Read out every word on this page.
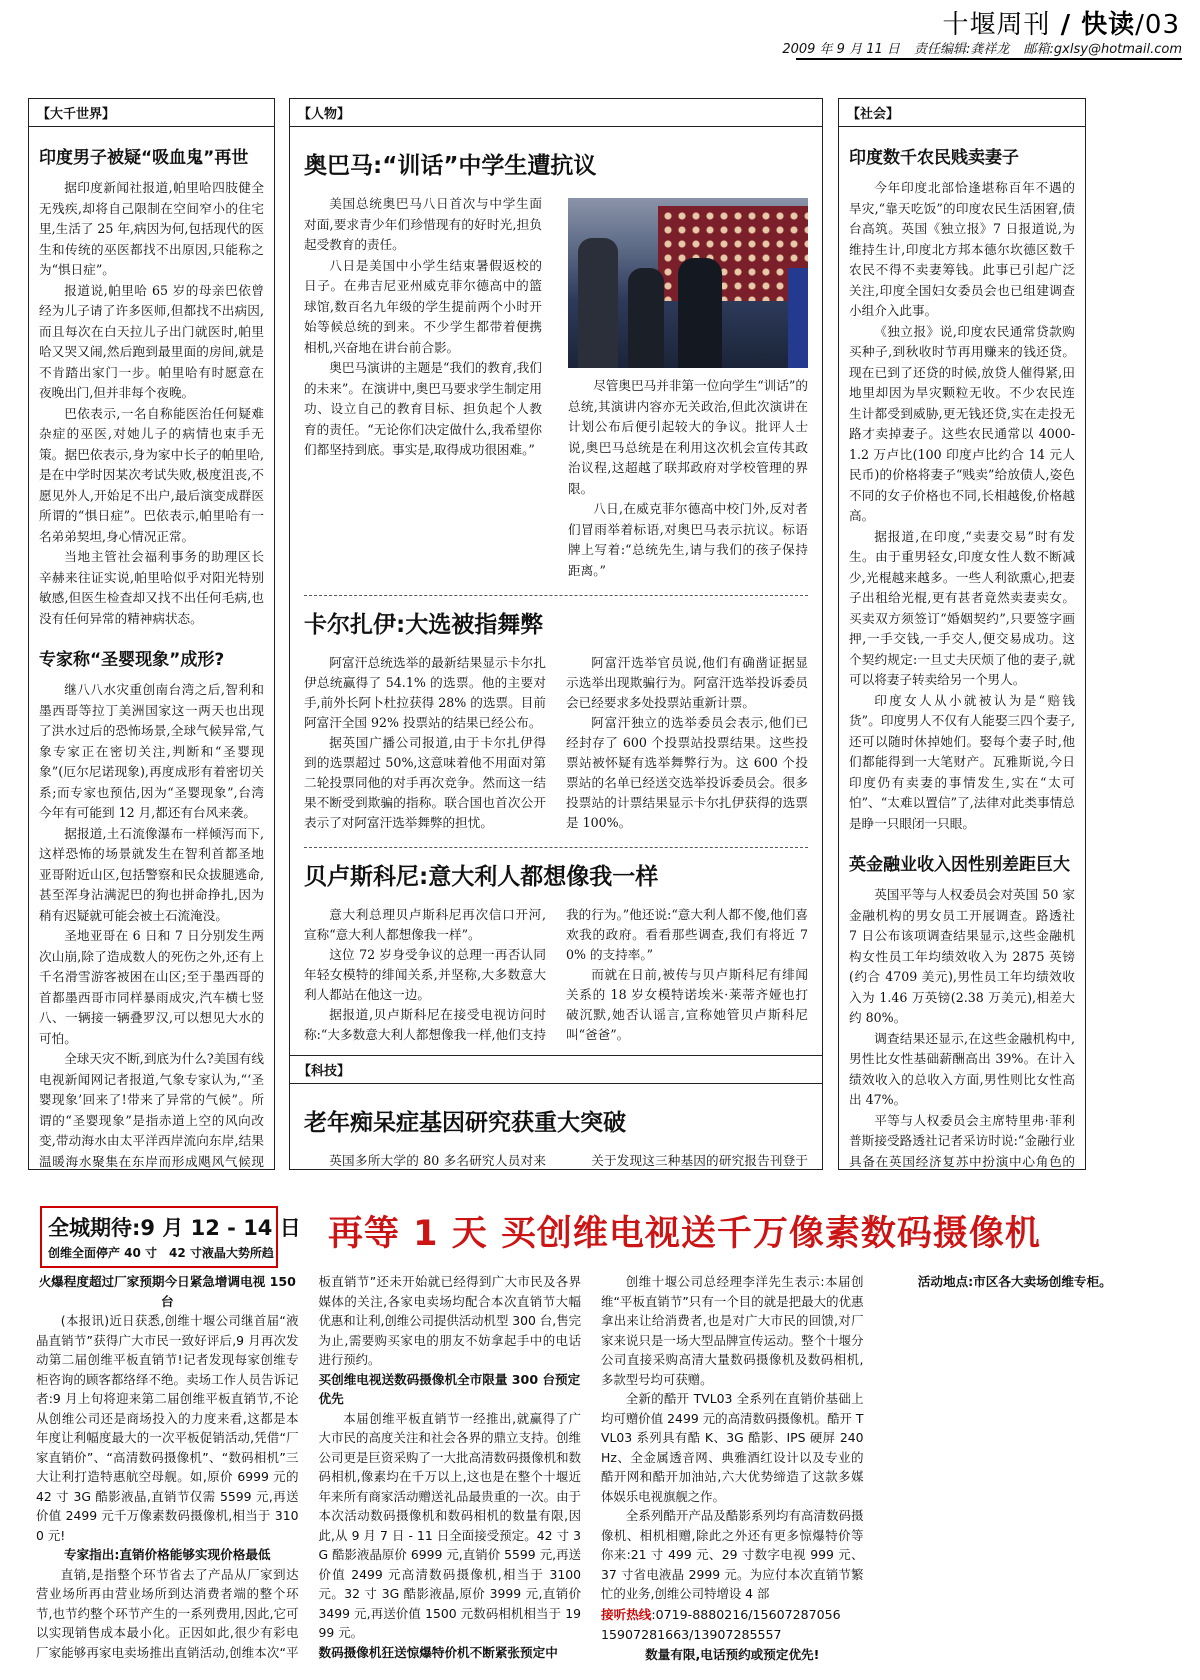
十堰周刊 / 快读/03
2009 年 9 月 11 日 责任编辑:龚祥龙 邮箱:gxlsy@hotmail.com
【大千世界】
印度男子被疑“吸血鬼”再世

据印度新闻社报道,帕里哈四肢健全无残疾,却将自己限制在空间窄小的住宅里,生活了 25 年,病因为何,包括现代的医生和传统的巫医都找不出原因,只能称之为“惧日症”。

报道说,帕里哈 65 岁的母亲巴依曾经为儿子请了许多医师,但都找不出病因,而且每次在白天拉儿子出门就医时,帕里哈又哭又闹,然后跑到最里面的房间,就是不肯踏出家门一步。帕里哈有时愿意在夜晚出门,但并非每个夜晚。

巴依表示,一名自称能医治任何疑难杂症的巫医,对她儿子的病情也束手无策。据巴依表示,身为家中长子的帕里哈,是在中学时因某次考试失败,极度沮丧,不愿见外人,开始足不出户,最后演变成群医所谓的“惧日症”。巴依表示,帕里哈有一名弟弟契坦,身心情况正常。

当地主管社会福利事务的助理区长辛赫来往证实说,帕里哈似乎对阳光特别敏感,但医生检查却又找不出任何毛病,也没有任何异常的精神病状态。

专家称“圣婴现象”成形?

继八八水灾重创南台湾之后,智利和墨西哥等拉丁美洲国家这一两天也出现了洪水过后的恐怖场景,全球气候异常,气象专家正在密切关注,判断和“圣婴现象”(厄尔尼诺现象),再度成形有着密切关系;而专家也预估,因为“圣婴现象”,台湾今年有可能到 12 月,都还有台风来袭。

据报道,土石流像瀑布一样倾泻而下,这样恐怖的场景就发生在智利首都圣地亚哥附近山区,包括警察和民众拔腿逃命,甚至浑身沾满泥巴的狗也拼命挣扎,因为稍有迟疑就可能会被土石流淹没。

圣地亚哥在 6 日和 7 日分别发生两次山崩,除了造成数人的死伤之外,还有上千名滑雪游客被困在山区;至于墨西哥的首都墨西哥市同样暴雨成灾,汽车横七竖八、一辆接一辆叠罗汉,可以想见大水的可怕。

全球天灾不断,到底为什么?美国有线电视新闻网记者报道,气象专家认为,“‘圣婴现象’回来了!带来了异常的气候”。所谓的“圣婴现象”是指赤道上空的风向改变,带动海水由太平洋西岸流向东岸,结果温暖海水聚集在东岸而形成飓风气候现

【人物】
奥巴马:“训话”中学生遭抗议

美国总统奥巴马八日首次与中学生面对面,要求青少年们珍惜现有的好时光,担负起受教育的责任。

八日是美国中小学生结束暑假返校的日子。在弗吉尼亚州威克菲尔德高中的篮球馆,数百名九年级的学生提前两个小时开始等候总统的到来。不少学生都带着便携相机,兴奋地在讲台前合影。

奥巴马演讲的主题是“我们的教育,我们的未来”。在演讲中,奥巴马要求学生制定用功、设立自己的教育目标、担负起个人教育的责任。“无论你们决定做什么,我希望你们都坚持到底。事实是,取得成功很困难。”

尽管奥巴马并非第一位向学生“训话”的总统,其演讲内容亦无关政治,但此次演讲在计划公布后便引起较大的争议。批评人士说,奥巴马总统是在利用这次机会宣传其政治议程,这超越了联邦政府对学校管理的界限。

八日,在威克菲尔德高中校门外,反对者们冒雨举着标语,对奥巴马表示抗议。标语牌上写着:“总统先生,请与我们的孩子保持距离。”

卡尔扎伊:大选被指舞弊

阿富汗总统选举的最新结果显示卡尔扎伊总统赢得了 54.1% 的选票。他的主要对手,前外长阿卜杜拉获得 28% 的选票。目前阿富汗全国 92% 投票站的结果已经公布。

据英国广播公司报道,由于卡尔扎伊得到的选票超过 50%,这意味着他不用面对第二轮投票同他的对手再次竞争。然而这一结果不断受到欺骗的指称。联合国也首次公开表示了对阿富汗选举舞弊的担忧。

阿富汗选举官员说,他们有确凿证据显示选举出现欺骗行为。阿富汗选举投诉委员会已经要求多处投票站重新计票。

阿富汗独立的选举委员会表示,他们已经封存了 600 个投票站投票结果。这些投票站被怀疑有选举舞弊行为。这 600 个投票站的名单已经送交选举投诉委员会。很多投票站的计票结果显示卡尔扎伊获得的选票是 100%。

贝卢斯科尼:意大利人都想像我一样

意大利总理贝卢斯科尼再次信口开河,宣称“意大利人都想像我一样”。

这位 72 岁身受争议的总理一再否认同年轻女模特的绯闻关系,并坚称,大多数意大利人都站在他这一边。

据报道,贝卢斯科尼在接受电视访问时称:“大多数意大利人都想像我一样,他们支持我的行为。”他还说:“意大利人都不傻,他们喜欢我的政府。看看那些调查,我们有将近 70% 的支持率。”

而就在日前,被传与贝卢斯科尼有绯闻关系的 18 岁女模特诺埃米·莱蒂齐娅也打破沉默,她否认谣言,宣称她管贝卢斯科尼叫“爸爸”。

【科技】
老年痴呆症基因研究获重大突破

英国多所大学的 80 多名研究人员对来	关于发现这三种基因的研究报告刊登于

【社会】
印度数千农民贱卖妻子

今年印度北部恰逢堪称百年不遇的旱灾,“靠天吃饭”的印度农民生活困窘,债台高筑。英国《独立报》7 日报道说,为维持生计,印度北方邦本德尔坎德区数千农民不得不卖妻筹钱。此事已引起广泛关注,印度全国妇女委员会也已组建调查小组介入此事。

《独立报》说,印度农民通常贷款购买种子,到秋收时节再用赚来的钱还贷。现在已到了还贷的时候,放贷人催得紧,田地里却因为旱灾颗粒无收。不少农民连生计都受到威胁,更无钱还贷,实在走投无路才卖掉妻子。这些农民通常以 4000-1.2 万卢比(100 印度卢比约合 14 元人民币)的价格将妻子“贱卖”给放债人,姿色不同的女子价格也不同,长相越俊,价格越高。

据报道,在印度,“卖妻交易”时有发生。由于重男轻女,印度女性人数不断减少,光棍越来越多。一些人利欲熏心,把妻子出租给光棍,更有甚者竟然卖妻卖女。买卖双方须签订“婚姻契约”,只要签字画押,一手交钱,一手交人,便交易成功。这个契约规定:一旦丈夫厌烦了他的妻子,就可以将妻子转卖给另一个男人。

印度女人从小就被认为是“赔钱货”。印度男人不仅有人能娶三四个妻子,还可以随时休掉她们。娶每个妻子时,他们都能得到一大笔财产。瓦雅斯说,今日印度仍有卖妻的事情发生,实在“太可怕”、“太难以置信”了,法律对此类事情总是睁一只眼闭一只眼。

英金融业收入因性别差距巨大

英国平等与人权委员会对英国 50 家金融机构的男女员工开展调查。路透社 7 日公布该项调查结果显示,这些金融机构女性员工年均绩效收入为 2875 英镑(约合 4709 美元),男性员工年均绩效收入为 1.46 万英镑(2.38 万美元),相差大约 80%。

调查结果还显示,在这些金融机构中,男性比女性基础薪酬高出 39%。在计入绩效收入的总收入方面,男性则比女性高出 47%。

平等与人权委员会主席特里弗·菲利普斯接受路透社记者采访时说:“金融行业具备在英国经济复苏中扮演中心角色的

全城期待:9 月 12 - 14 日
创维全面停产 40 寸　42 寸液晶大势所趋 再等 1 天 买创维电视送千万像素数码摄像机
火爆程度超过厂家预期今日紧急增调电视 150 台

(本报讯)近日获悉,创维十堰公司继首届“液晶直销节”获得广大市民一致好评后,9 月再次发动第二届创维平板直销节!记者发现每家创维专柜咨询的顾客都络绎不绝。卖场工作人员告诉记者:9 月上旬将迎来第二届创维平板直销节,不论从创维公司还是商场投入的力度来看,这都是本年度让利幅度最大的一次平板促销活动,凭借“厂家直销价”、“高清数码摄像机”、“数码相机”三大让利打造特惠航空母舰。如,原价 6999 元的 42 寸 3G 酷影液晶,直销节仅需 5599 元,再送价值 2499 元千万像素数码摄像机,相当于 3100 元!

专家指出:直销价格能够实现价格最低

直销,是指整个环节省去了产品从厂家到达营业场所再由营业场所到达消费者端的整个环节,也节约整个环节产生的一系列费用,因此,它可以实现销售成本最小化。正因如此,很少有彩电厂家能够再家电卖场推出直销活动,创维本次“平板直销节”还未开始就已经得到广大市民及各界媒体的关注,各家电卖场均配合本次直销节大幅优惠和让利,创维公司提供活动机型 300 台,售完为止,需要购买家电的朋友不妨拿起手中的电话进行预约。

买创维电视送数码摄像机全市限量 300 台预定优先

本届创维平板直销节一经推出,就赢得了广大市民的高度关注和社会各界的鼎立支持。创维公司更是巨资采购了一大批高清数码摄像机和数码相机,像素均在千万以上,这也是在整个十堰近年来所有商家活动赠送礼品最贵重的一次。由于本次活动数码摄像机和数码相机的数量有限,因此,从 9 月 7 日 - 11 日全面接受预定。42 寸 3G 酷影液晶原价 6999 元,直销价 5599 元,再送价值 2499 元高清数码摄像机,相当于 3100 元。32 寸 3G 酷影液晶,原价 3999 元,直销价 3499 元,再送价值 1500 元数码相机相当于 1999 元。

数码摄像机狂送惊爆特价机不断紧张预定中

创维十堰公司总经理李洋先生表示:本届创维“平板直销节”只有一个目的就是把最大的优惠拿出来让给消费者,也是对广大市民的回馈,对厂家来说只是一场大型品牌宣传运动。整个十堰分公司直接采购高清大量数码摄像机及数码相机,多款型号均可获赠。

全新的酷开 TVL03 全系列在直销价基础上均可赠价值 2499 元的高清数码摄像机。酷开 TVL03 系列具有酷 K、3G 酷影、IPS 硬屏 240Hz、全金属透音网、典雅酒红设计以及专业的酷开网和酷开加油站,六大优势缔造了这款多媒体娱乐电视旗舰之作。

全系列酷开产品及酷影系列均有高清数码摄像机、相机相赠,除此之外还有更多惊爆特价等你来:21 寸 499 元、29 寸数字电视 999 元、37 寸省电液晶 2999 元。为应付本次直销节繁忙的业务,创维公司特增设 4 部

接听热线:0719-8880216/15607287056　15907281663/13907285557
数量有限,电话预约或预定优先!
活动地点:市区各大卖场创维专柜。
